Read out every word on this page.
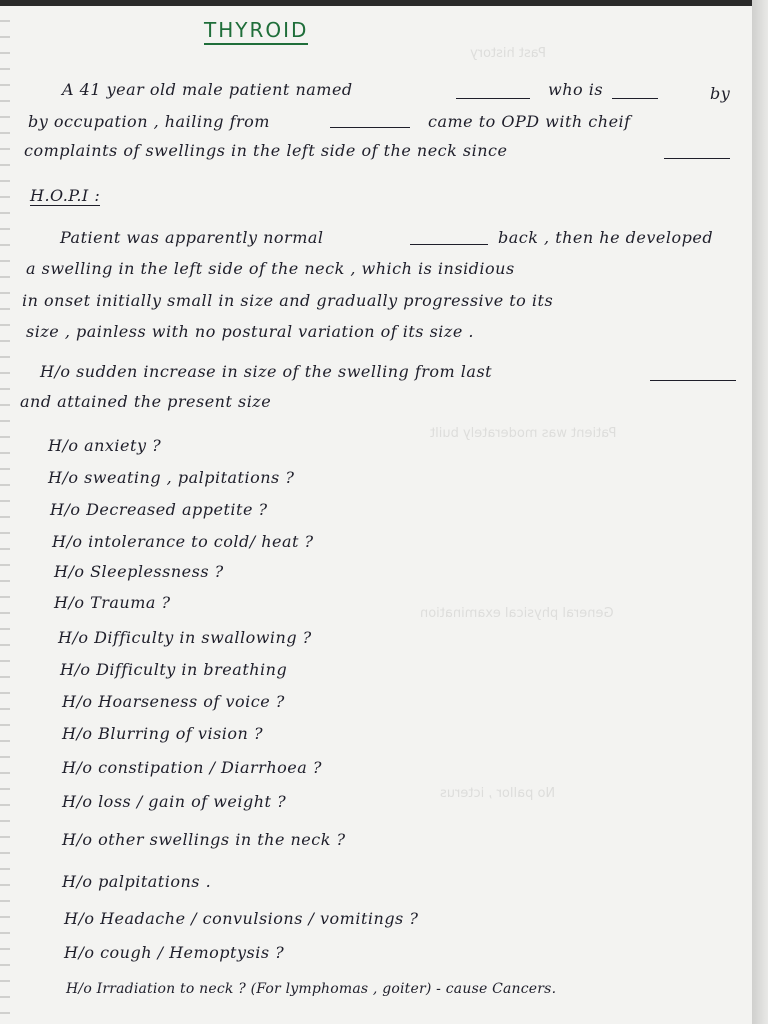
Past history
Patient was moderately built
General physical examination
No pallor , icterus
THYROID
A 41 year old male patient named	who is	by
by occupation , hailing from	came to OPD with cheif
complaints of swellings in the left side of the neck since
H.O.P.I :
Patient was apparently normal	back , then he developed
a swelling in the left side of the neck , which is insidious
in onset initially small in size and gradually progressive to its
size , painless with no postural variation of its size .
H/o sudden increase in size of the swelling from last
and attained the present size
H/o anxiety ?
H/o sweating , palpitations ?
H/o Decreased appetite ?
H/o intolerance to cold/ heat ?
H/o Sleeplessness ?
H/o Trauma ?
H/o Difficulty in swallowing ?
H/o Difficulty in breathing
H/o Hoarseness of voice ?
H/o Blurring of vision ?
H/o constipation / Diarrhoea ?
H/o loss / gain of weight ?
H/o other swellings in the neck ?
H/o palpitations .
H/o Headache / convulsions / vomitings ?
H/o cough / Hemoptysis ?
H/o Irradiation to neck ? (For lymphomas , goiter) - cause Cancers.
